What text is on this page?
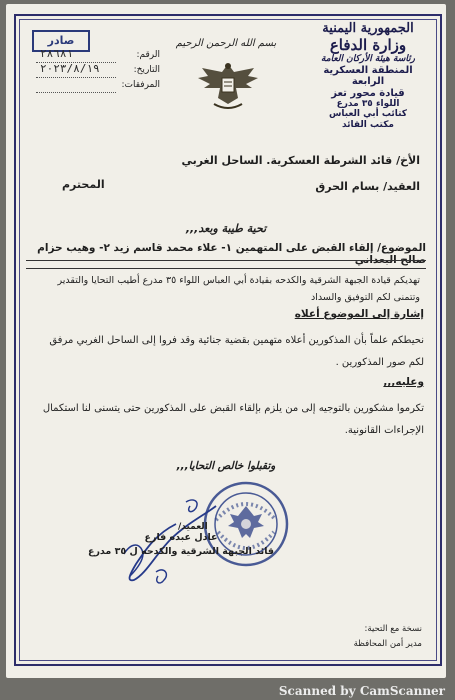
الجمهورية اليمنية
وزارة الدفاع
رئاسة هيئة الأركان العامة
المنطقة العسكرية الرابعة
قيادة محور تعز
اللواء ٣٥ مدرع
كتائب أبي العباس
مكتب القائد
بسم الله الرحمن الرحيم
صادر
الرقم:
٢٨٦٨١
التاريخ:
٢٠٢٣/٨/١٩
المرفقات:
الأخ/ قائد الشرطة العسكرية. الساحل الغربي
العقيد/ بسام الحرق
المحترم
تحية طيبة وبعد,,,
الموضوع/ إلقاء القبض على المتهمين ١- علاء محمد قاسم زيد ٢- وهيب حزام صالح البعداني
تهديكم قيادة الجبهة الشرقية والكدحه بقيادة أبي العباس اللواء ٣٥ مدرع أطيب التحايا والتقدير وتتمنى لكم التوفيق والسداد
إشارة إلى الموضوع أعلاه
نحيطكم علماً بأن المذكورين أعلاه متهمين بقضية جنائية وقد فروا إلى الساحل الغربي مرفق لكم صور المذكورين .
وعليه,,,
تكرموا مشكورين بالتوجيه إلى من يلزم بإلقاء القبض على المذكورين حتى يتسنى لنا استكمال الإجراءات القانونية.
وتقبلوا خالص التحايا,,,
العميد/
عادل عبده فارع
قائد الجبهة الشرقية والكدحه ل ٣٥ مدرع
نسخة مع التحية:
مدير أمن المحافظة
Scanned by CamScanner
